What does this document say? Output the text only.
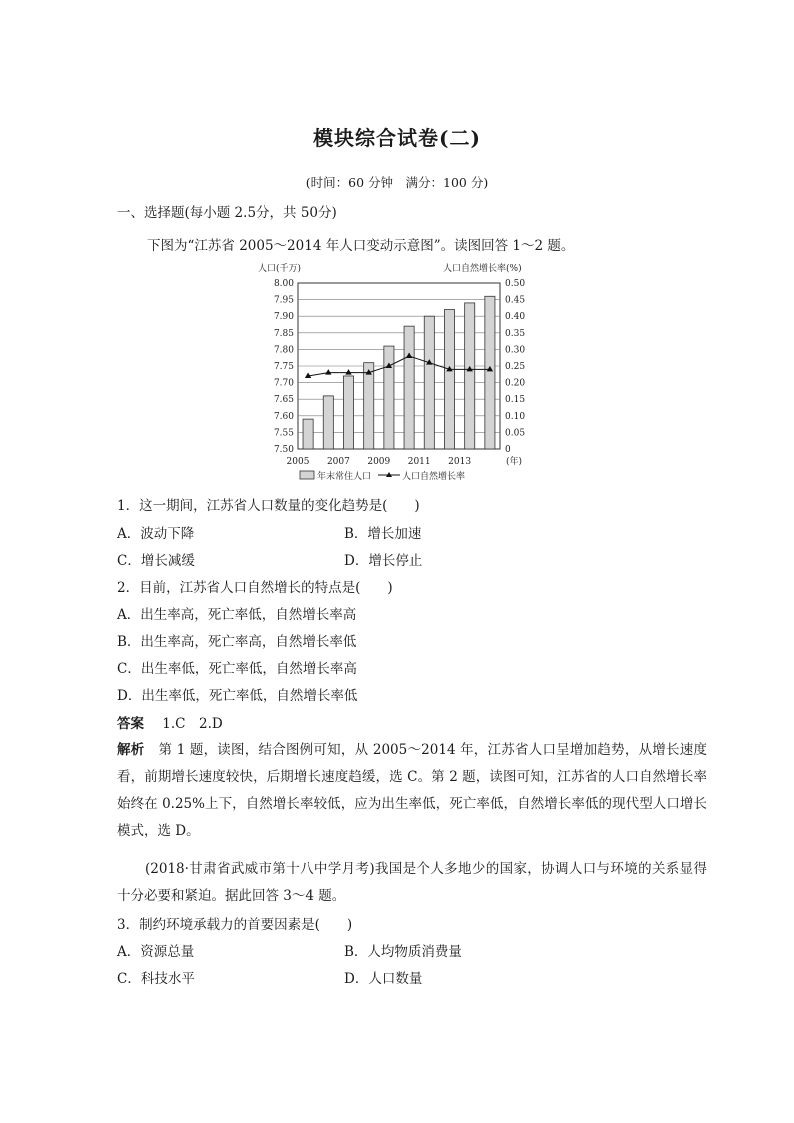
模块综合试卷(二)
(时间：60 分钟　满分：100 分)
一、选择题(每小题 2.5分，共 50分)
下图为“江苏省 2005～2014 年人口变动示意图”。读图回答 1～2 题。
人口(千万)	人口自然增长率(%)
7.50
7.55
7.60
7.65
7.70
7.75
7.80
7.85
7.90
7.95
8.00
0
0.05
0.10
0.15
0.20
0.25
0.30
0.35
0.40
0.45
0.50
2005 2007 2009 2011 2013	(年)
年末常住人口	人口自然增长率
1．这一期间，江苏省人口数量的变化趋势是(　　)
A．波动下降	B．增长加速
C．增长减缓	D．增长停止
2．目前，江苏省人口自然增长的特点是(　　)
A．出生率高，死亡率低，自然增长率高
B．出生率高，死亡率高，自然增长率低
C．出生率低，死亡率低，自然增长率高
D．出生率低，死亡率低，自然增长率低
答案 1.C　2.D
解析 第 1 题，读图，结合图例可知，从 2005～2014 年，江苏省人口呈增加趋势，从增长速度看，前期增长速度较快，后期增长速度趋缓，选 C。第 2 题，读图可知，江苏省的人口自然增长率始终在 0.25%上下，自然增长率较低，应为出生率低，死亡率低，自然增长率低的现代型人口增长模式，选 D。
(2018·甘肃省武威市第十八中学月考)我国是个人多地少的国家，协调人口与环境的关系显得十分必要和紧迫。据此回答 3～4 题。
3．制约环境承载力的首要因素是(　　)
A．资源总量	B．人均物质消费量
C．科技水平	D．人口数量
